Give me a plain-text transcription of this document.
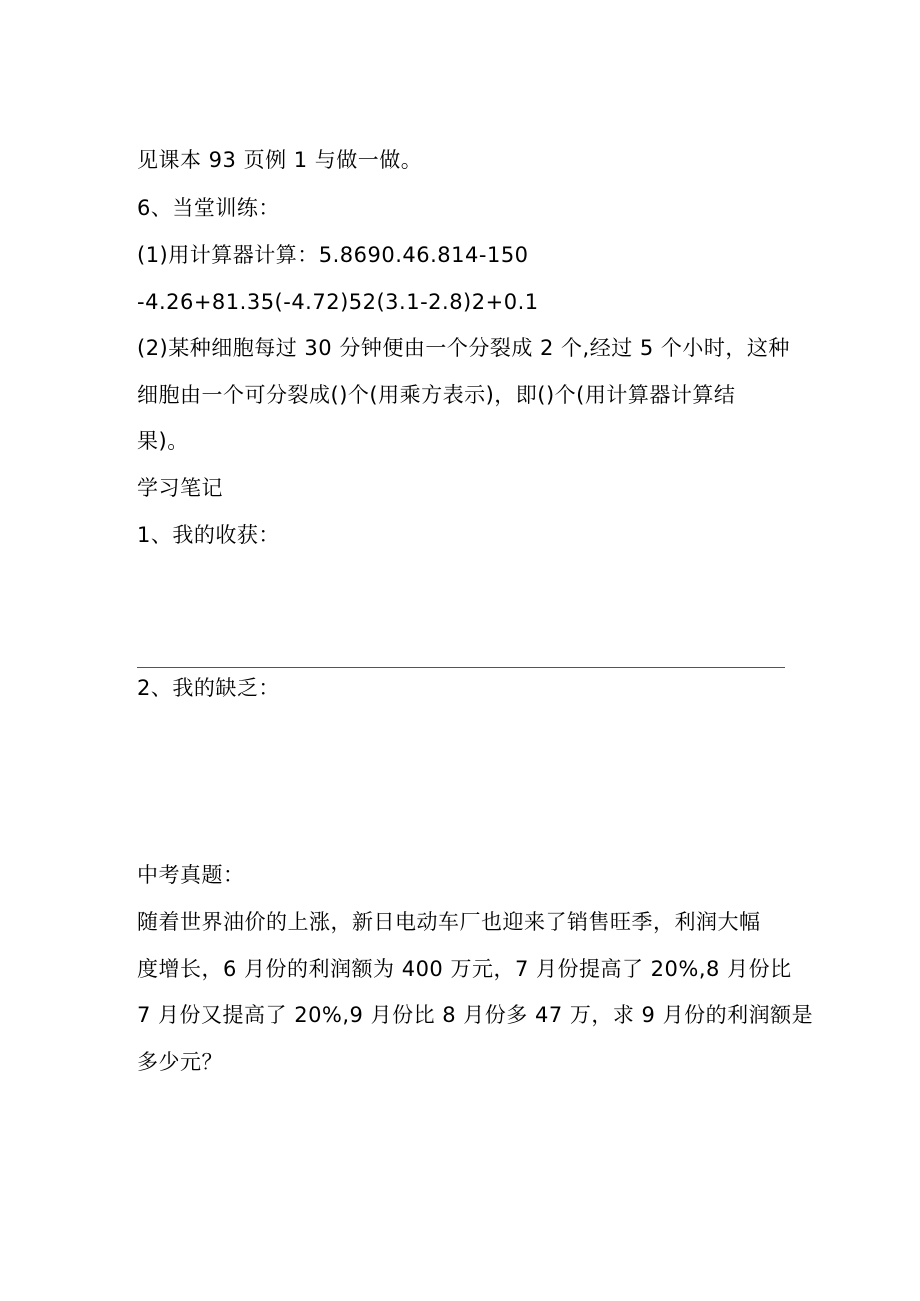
见课本 93 页例 1 与做一做。
6、当堂训练：
(1)用计算器计算：5.8690.46.814-150
-4.26+81.35(-4.72)52(3.1-2.8)2+0.1
(2)某种细胞每过 30 分钟便由一个分裂成 2 个,经过 5 个小时，这种
细胞由一个可分裂成()个(用乘方表示)，即()个(用计算器计算结
果)。
学习笔记
1、我的收获：
2、我的缺乏：
中考真题：
随着世界油价的上涨，新日电动车厂也迎来了销售旺季，利润大幅
度增长，6 月份的利润额为 400 万元，7 月份提高了 20%,8 月份比
7 月份又提高了 20%,9 月份比 8 月份多 47 万，求 9 月份的利润额是
多少元？
